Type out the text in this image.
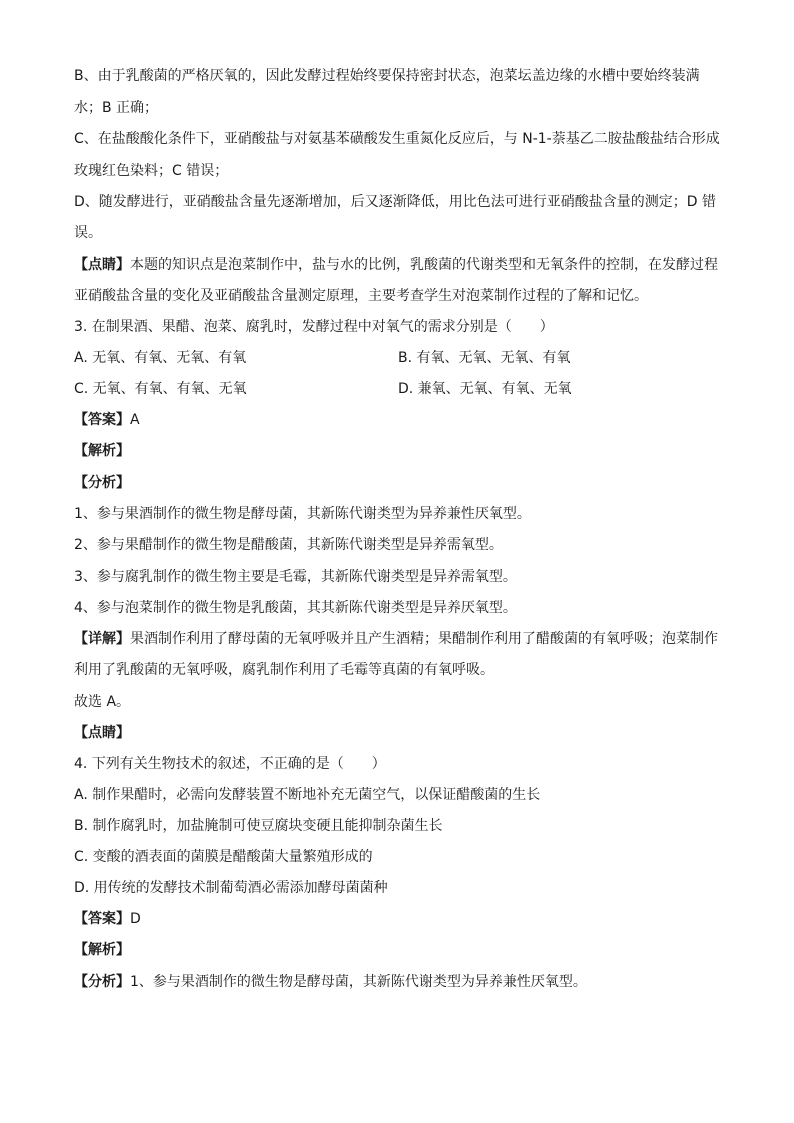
B、由于乳酸菌的严格厌氧的，因此发酵过程始终要保持密封状态，泡菜坛盖边缘的水槽中要始终装满
水；B 正确；
C、在盐酸酸化条件下，亚硝酸盐与对氨基苯磺酸发生重氮化反应后，与 N-1-萘基乙二胺盐酸盐结合形成
玫瑰红色染料；C 错误；
D、随发酵进行，亚硝酸盐含量先逐渐增加，后又逐渐降低，用比色法可进行亚硝酸盐含量的测定；D 错
误。
【点睛】本题的知识点是泡菜制作中，盐与水的比例，乳酸菌的代谢类型和无氧条件的控制，在发酵过程
亚硝酸盐含量的变化及亚硝酸盐含量测定原理，主要考查学生对泡菜制作过程的了解和记忆。
3. 在制果酒、果醋、泡菜、腐乳时，发酵过程中对氧气的需求分别是（　　）
A. 无氧、有氧、无氧、有氧	B. 有氧、无氧、无氧、有氧
C. 无氧、有氧、有氧、无氧	D. 兼氧、无氧、有氧、无氧
【答案】A
【解析】
【分析】
1、参与果酒制作的微生物是酵母菌，其新陈代谢类型为异养兼性厌氧型。
2、参与果醋制作的微生物是醋酸菌，其新陈代谢类型是异养需氧型。
3、参与腐乳制作的微生物主要是毛霉，其新陈代谢类型是异养需氧型。
4、参与泡菜制作的微生物是乳酸菌，其其新陈代谢类型是异养厌氧型。
【详解】果酒制作利用了酵母菌的无氧呼吸并且产生酒精；果醋制作利用了醋酸菌的有氧呼吸；泡菜制作
利用了乳酸菌的无氧呼吸，腐乳制作利用了毛霉等真菌的有氧呼吸。
故选 A。
【点睛】
4. 下列有关生物技术的叙述，不正确的是（　　）
A. 制作果醋时，必需向发酵装置不断地补充无菌空气，以保证醋酸菌的生长
B. 制作腐乳时，加盐腌制可使豆腐块变硬且能抑制杂菌生长
C. 变酸的酒表面的菌膜是醋酸菌大量繁殖形成的
D. 用传统的发酵技术制葡萄酒必需添加酵母菌菌种
【答案】D
【解析】
【分析】1、参与果酒制作的微生物是酵母菌，其新陈代谢类型为异养兼性厌氧型。
